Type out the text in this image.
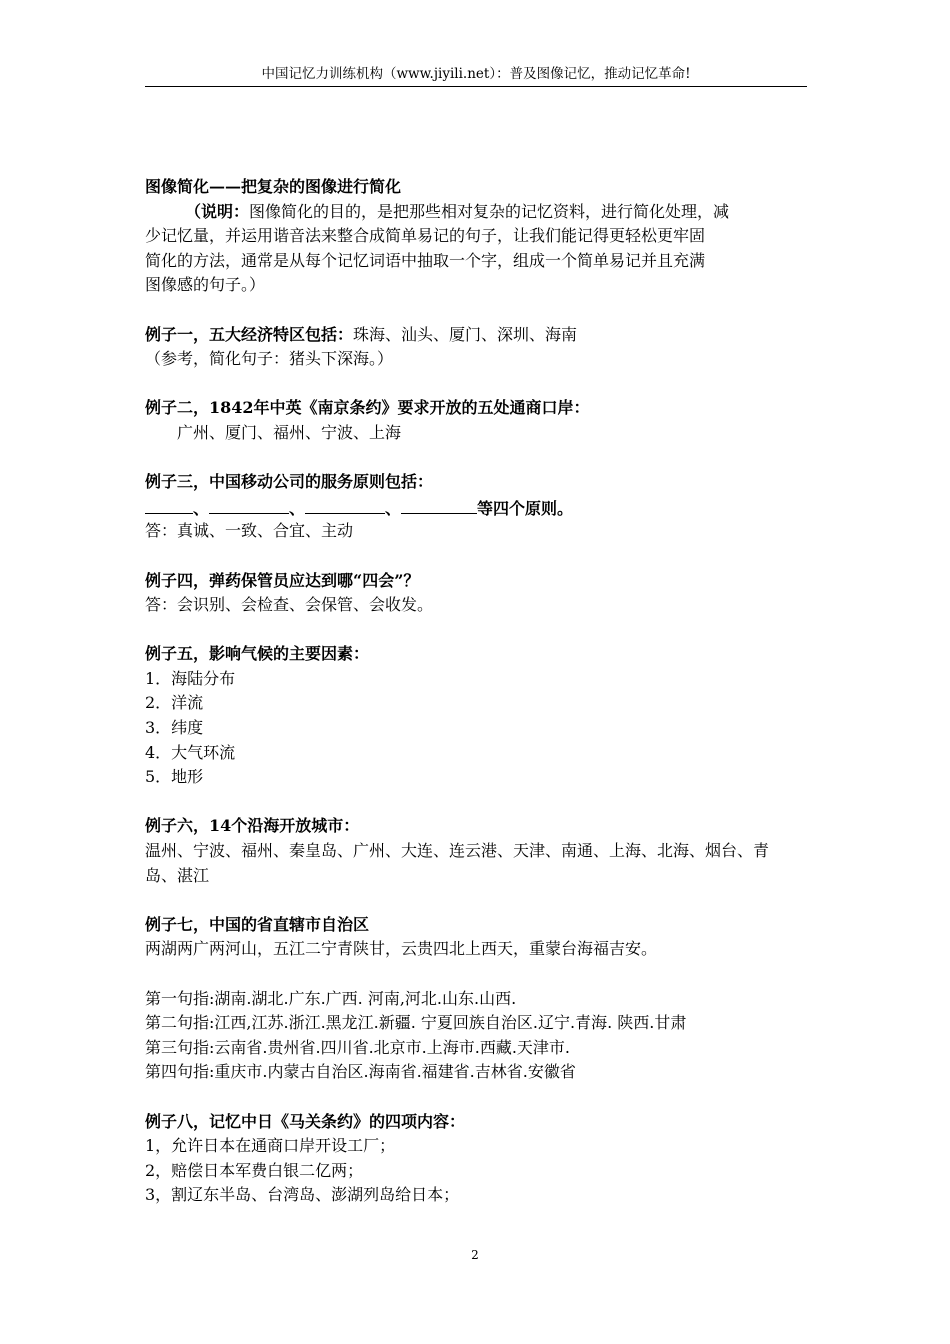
中国记忆力训练机构（www.jiyili.net）：普及图像记忆，推动记忆革命!
图像简化——把复杂的图像进行简化
（说明：图像简化的目的，是把那些相对复杂的记忆资料，进行简化处理，减
少记忆量，并运用谐音法来整合成简单易记的句子，让我们能记得更轻松更牢固
简化的方法，通常是从每个记忆词语中抽取一个字，组成一个简单易记并且充满
图像感的句子。）
例子一，五大经济特区包括：珠海、汕头、厦门、深圳、海南
（参考，简化句子：猪头下深海。）
例子二，1842年中英《南京条约》要求开放的五处通商口岸：
广州、厦门、福州、宁波、上海
例子三，中国移动公司的服务原则包括：
、	、	、	等四个原则。
答：真诚、一致、合宜、主动
例子四，弹药保管员应达到哪“四会”？
答：会识别、会检查、会保管、会收发。
例子五，影响气候的主要因素：
1．海陆分布
2．洋流
3．纬度
4．大气环流
5．地形
例子六，14个沿海开放城市：
温州、宁波、福州、秦皇岛、广州、大连、连云港、天津、南通、上海、北海、烟台、青
岛、湛江
例子七，中国的省直辖市自治区
两湖两广两河山，五江二宁青陕甘，云贵四北上西天，重蒙台海福吉安。
第一句指:湖南.湖北.广东.广西. 河南,河北.山东.山西.
第二句指:江西,江苏.浙江.黑龙江.新疆. 宁夏回族自治区.辽宁.青海. 陕西.甘肃
第三句指:云南省.贵州省.四川省.北京市.上海市.西藏.天津市.
第四句指:重庆市.内蒙古自治区.海南省.福建省.吉林省.安徽省
例子八，记忆中日《马关条约》的四项内容：
1，允许日本在通商口岸开设工厂；
2，赔偿日本军费白银二亿两；
3，割辽东半岛、台湾岛、澎湖列岛给日本；
2
